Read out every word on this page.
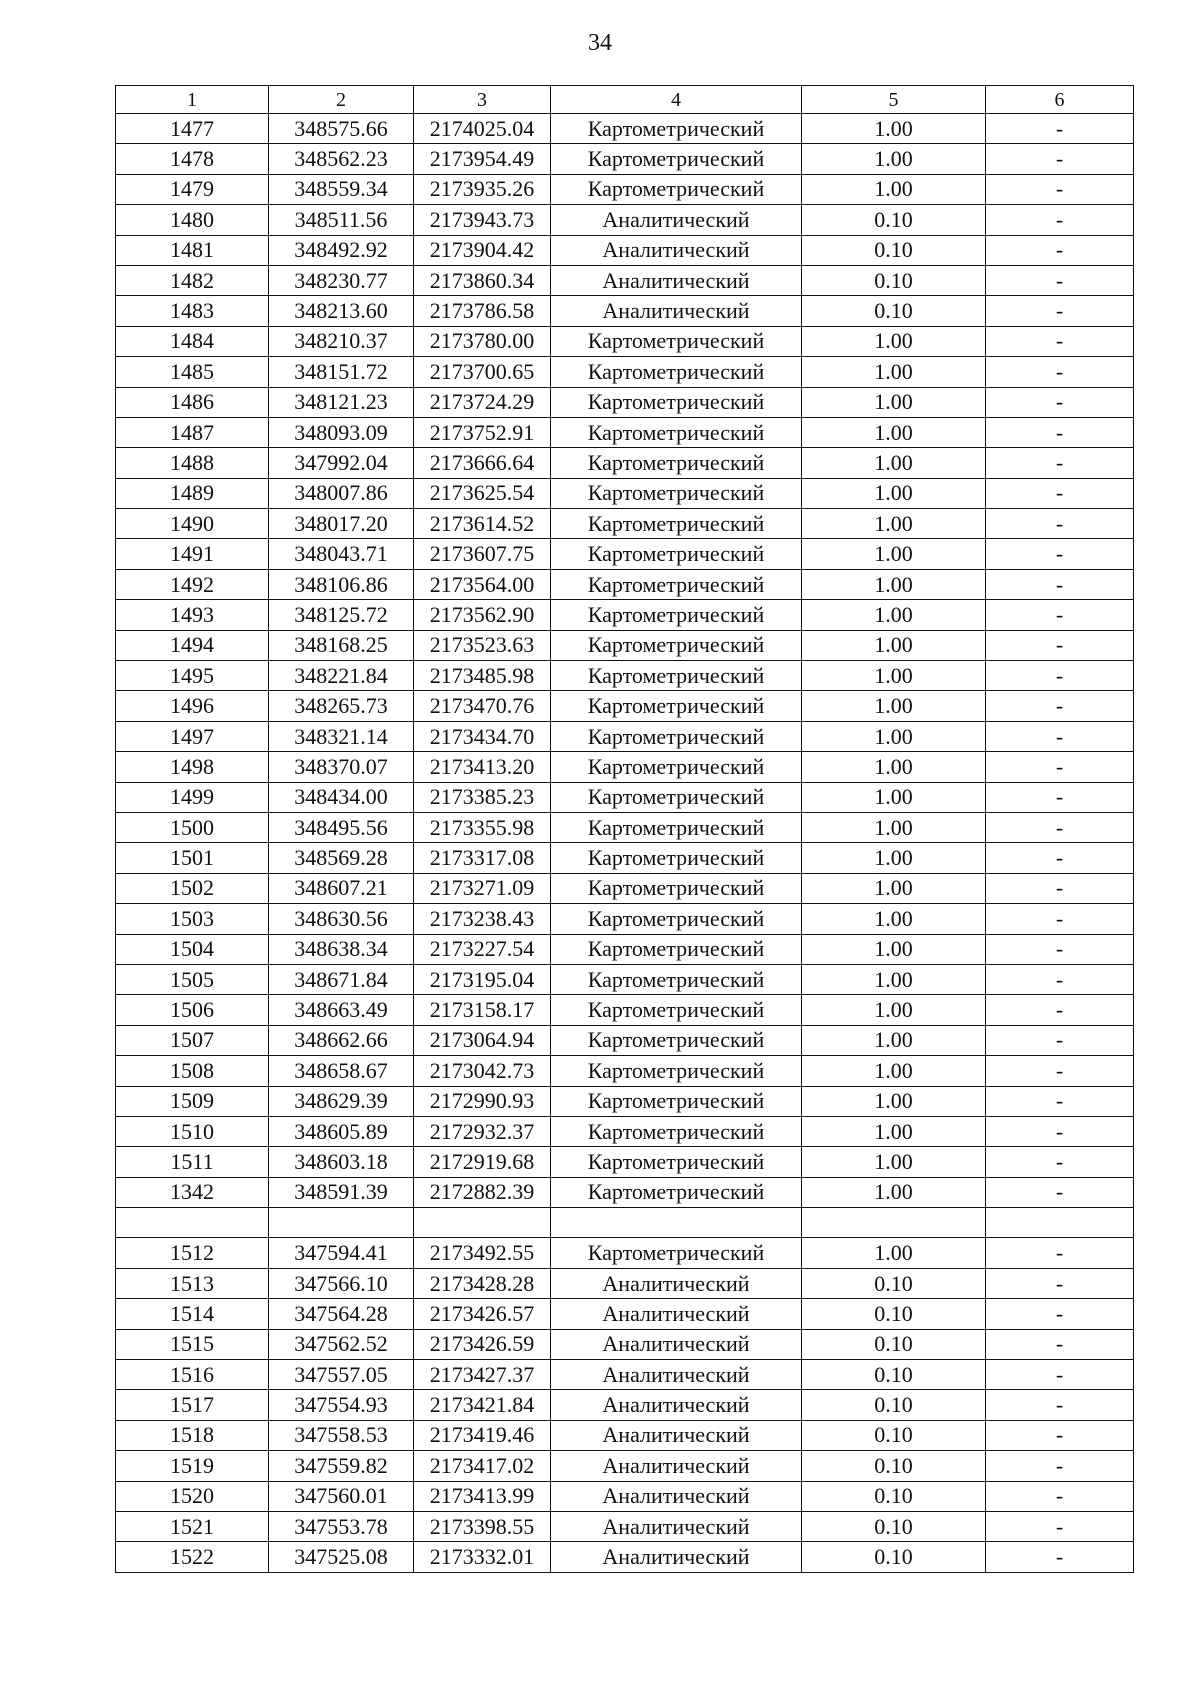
34
1	2	3	4	5	6
1477	348575.66	2174025.04	Картометрический	1.00	-
1478	348562.23	2173954.49	Картометрический	1.00	-
1479	348559.34	2173935.26	Картометрический	1.00	-
1480	348511.56	2173943.73	Аналитический	0.10	-
1481	348492.92	2173904.42	Аналитический	0.10	-
1482	348230.77	2173860.34	Аналитический	0.10	-
1483	348213.60	2173786.58	Аналитический	0.10	-
1484	348210.37	2173780.00	Картометрический	1.00	-
1485	348151.72	2173700.65	Картометрический	1.00	-
1486	348121.23	2173724.29	Картометрический	1.00	-
1487	348093.09	2173752.91	Картометрический	1.00	-
1488	347992.04	2173666.64	Картометрический	1.00	-
1489	348007.86	2173625.54	Картометрический	1.00	-
1490	348017.20	2173614.52	Картометрический	1.00	-
1491	348043.71	2173607.75	Картометрический	1.00	-
1492	348106.86	2173564.00	Картометрический	1.00	-
1493	348125.72	2173562.90	Картометрический	1.00	-
1494	348168.25	2173523.63	Картометрический	1.00	-
1495	348221.84	2173485.98	Картометрический	1.00	-
1496	348265.73	2173470.76	Картометрический	1.00	-
1497	348321.14	2173434.70	Картометрический	1.00	-
1498	348370.07	2173413.20	Картометрический	1.00	-
1499	348434.00	2173385.23	Картометрический	1.00	-
1500	348495.56	2173355.98	Картометрический	1.00	-
1501	348569.28	2173317.08	Картометрический	1.00	-
1502	348607.21	2173271.09	Картометрический	1.00	-
1503	348630.56	2173238.43	Картометрический	1.00	-
1504	348638.34	2173227.54	Картометрический	1.00	-
1505	348671.84	2173195.04	Картометрический	1.00	-
1506	348663.49	2173158.17	Картометрический	1.00	-
1507	348662.66	2173064.94	Картометрический	1.00	-
1508	348658.67	2173042.73	Картометрический	1.00	-
1509	348629.39	2172990.93	Картометрический	1.00	-
1510	348605.89	2172932.37	Картометрический	1.00	-
1511	348603.18	2172919.68	Картометрический	1.00	-
1342	348591.39	2172882.39	Картометрический	1.00	-

1512	347594.41	2173492.55	Картометрический	1.00	-
1513	347566.10	2173428.28	Аналитический	0.10	-
1514	347564.28	2173426.57	Аналитический	0.10	-
1515	347562.52	2173426.59	Аналитический	0.10	-
1516	347557.05	2173427.37	Аналитический	0.10	-
1517	347554.93	2173421.84	Аналитический	0.10	-
1518	347558.53	2173419.46	Аналитический	0.10	-
1519	347559.82	2173417.02	Аналитический	0.10	-
1520	347560.01	2173413.99	Аналитический	0.10	-
1521	347553.78	2173398.55	Аналитический	0.10	-
1522	347525.08	2173332.01	Аналитический	0.10	-
